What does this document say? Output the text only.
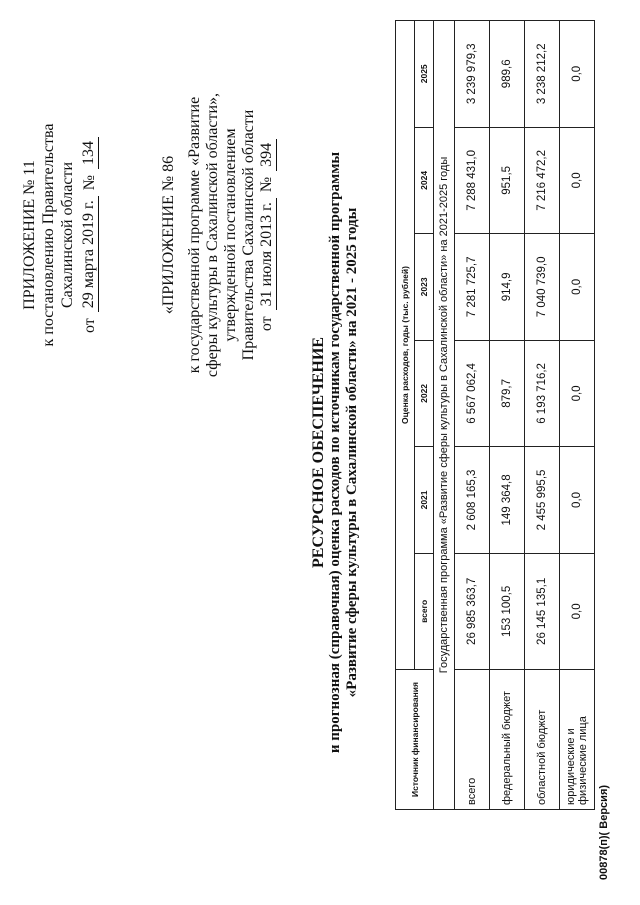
ПРИЛОЖЕНИЕ № 11 к постановлению Правительства Сахалинской области
от
29 марта 2019 г.
№
134
«ПРИЛОЖЕНИЕ № 86 к государственной программе «Развитие сферы культуры в Сахалинской области», утвержденной постановлением Правительства Сахалинской области от
31 июля 2013 г.
№
394
РЕСУРСНОЕ ОБЕСПЕЧЕНИЕ и прогнозная (справочная) оценка расходов по источникам государственной программы «Развитие сферы культуры в Сахалинской области» на 2021 - 2025 годы
Источник финансирования	Оценка расходов, годы (тыс. рублей)					
	всего	2021	2022	2023	2024	2025
Государственная программа «Развитие сферы культуры в Сахалинской области» на 2021-2025 годы						
всего	26 985 363,7	2 608 165,3	6 567 062,4	7 281 725,7	7 288 431,0	3 239 979,3
федеральный бюджет	153 100,5	149 364,8	879,7	914,9	951,5	989,6
областной бюджет	26 145 135,1	2 455 995,5	6 193 716,2	7 040 739,0	7 216 472,2	3 238 212,2
юридические и физические лица	0,0	0,0	0,0	0,0	0,0	0,0
00878(п)( Версия)
